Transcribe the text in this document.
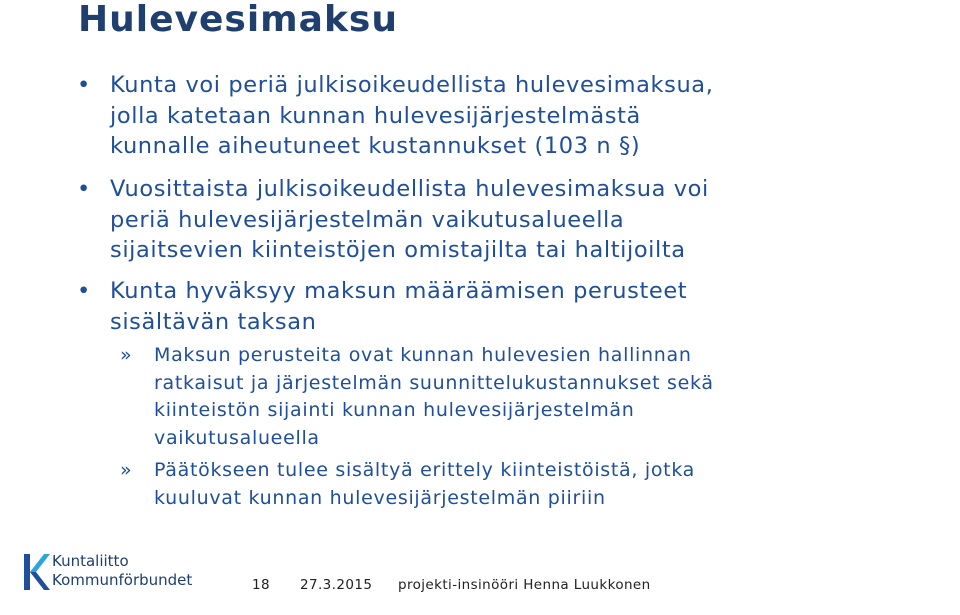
Hulevesimaksu
• Kunta voi periä julkisoikeudellista hulevesimaksua,
jolla katetaan kunnan hulevesijärjestelmästä
kunnalle aiheutuneet kustannukset (103 n §)
• Vuosittaista julkisoikeudellista hulevesimaksua voi
periä hulevesijärjestelmän vaikutusalueella
sijaitsevien kiinteistöjen omistajilta tai haltijoilta
• Kunta hyväksyy maksun määräämisen perusteet
sisältävän taksan
» Maksun perusteita ovat kunnan hulevesien hallinnan
ratkaisut ja järjestelmän suunnittelukustannukset sekä
kiinteistön sijainti kunnan hulevesijärjestelmän
vaikutusalueella
» Päätökseen tulee sisältyä erittely kiinteistöistä, jotka
kuuluvat kunnan hulevesijärjestelmän piiriin
Kuntaliitto
Kommunförbundet	18 27.3.2015 projekti-insinööri Henna Luukkonen
